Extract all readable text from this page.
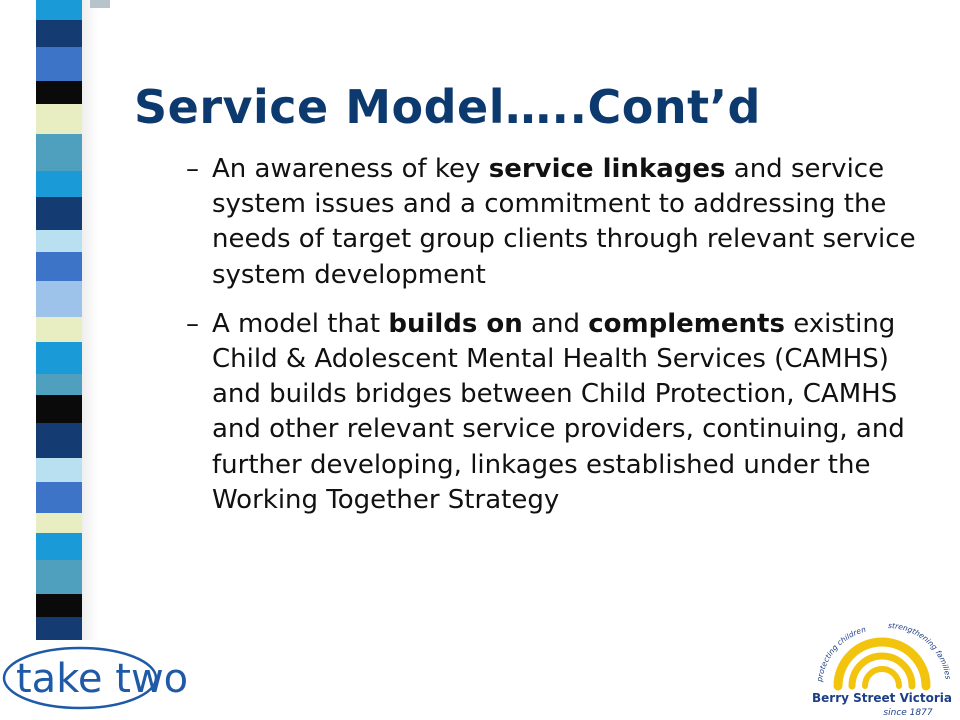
Service Model…..Cont’d
– An awareness of key service linkages and service system issues and a commitment to addressing the needs of target group clients through relevant service system development
– A model that builds on and complements existing Child & Adolescent Mental Health Services (CAMHS) and builds bridges between Child Protection, CAMHS and other relevant service providers, continuing, and further developing, linkages established under the Working Together Strategy
take two	protecting children	strengthening families
Berry Street Victoria
since 1877
